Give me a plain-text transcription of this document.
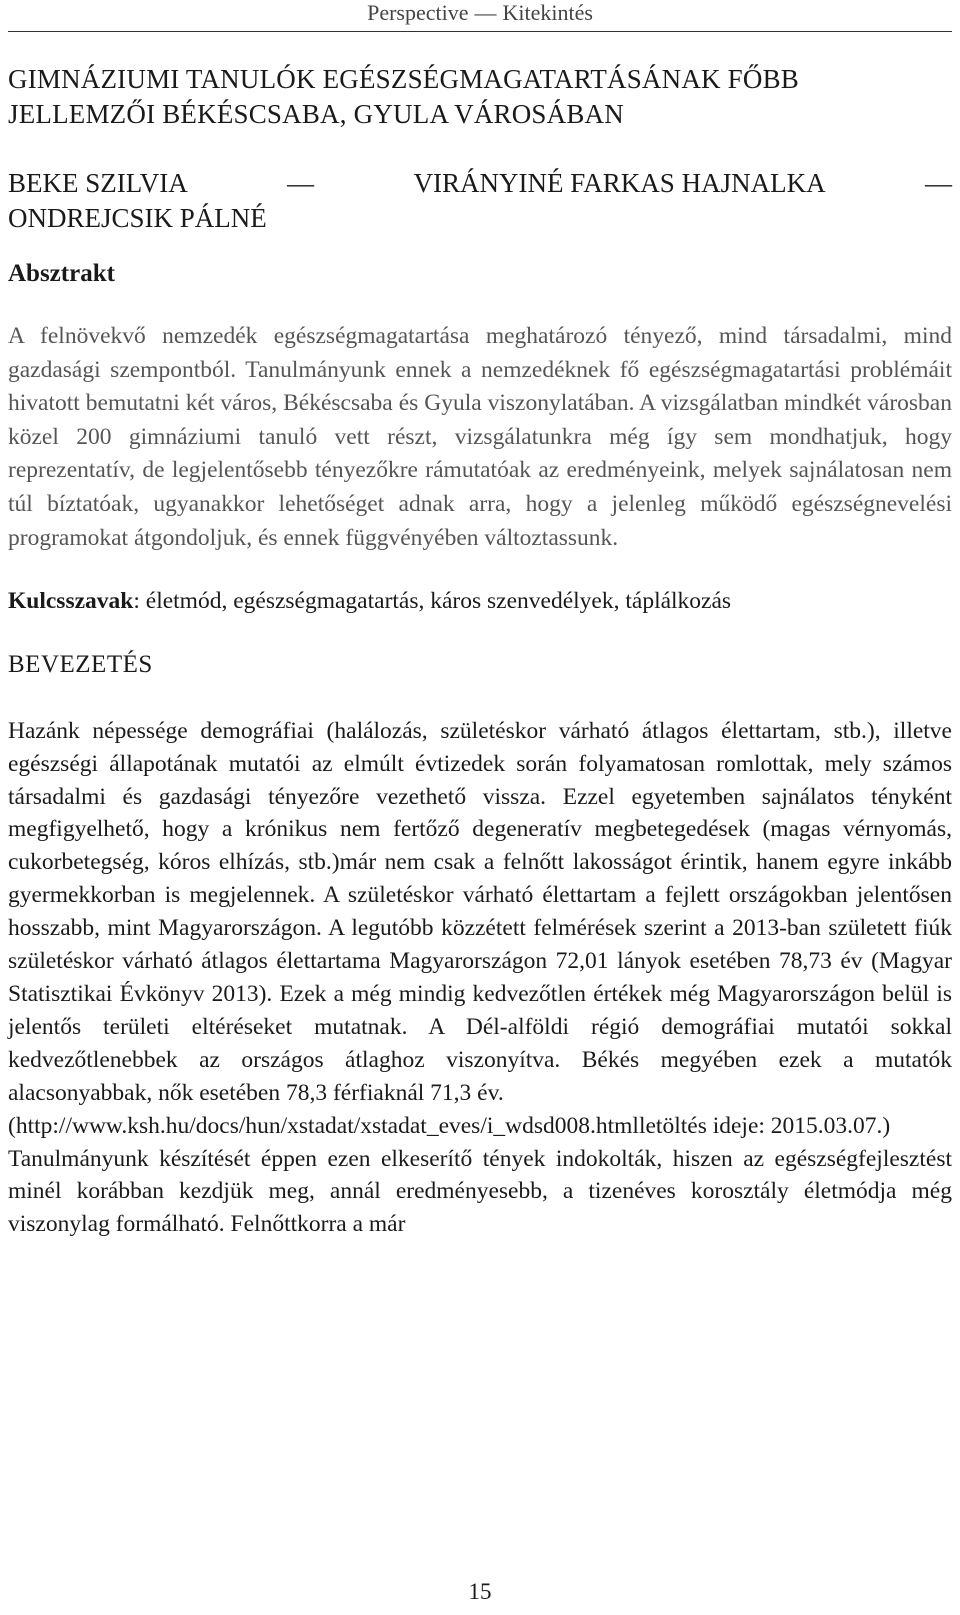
Perspective — Kitekintés
GIMNÁZIUMI TANULÓK EGÉSZSÉGMAGATARTÁSÁNAK FŐBB
JELLEMZŐI BÉKÉSCSABA, GYULA VÁROSÁBAN
BEKE SZILVIA	—	VIRÁNYINÉ FARKAS HAJNALKA	—
ONDREJCSIK PÁLNÉ
Absztrakt

A felnövekvő nemzedék egészségmagatartása meghatározó tényező, mind társadalmi, mind gazdasági szempontból. Tanulmányunk ennek a nemzedéknek fő egészségmagatartási problémáit hivatott bemutatni két város, Békéscsaba és Gyula viszonylatában. A vizsgálatban mindkét városban közel 200 gimnáziumi tanuló vett részt, vizsgálatunkra még így sem mondhatjuk, hogy reprezentatív, de legjelentősebb tényezőkre rámutatóak az eredményeink, melyek sajnálatosan nem túl bíztatóak, ugyanakkor lehetőséget adnak arra, hogy a jelenleg működő egészségnevelési programokat átgondoljuk, és ennek függvényében változtassunk.

Kulcsszavak: életmód, egészségmagatartás, káros szenvedélyek, táplálkozás

BEVEZETÉS

Hazánk népessége demográfiai (halálozás, születéskor várható átlagos élettartam, stb.), illetve egészségi állapotának mutatói az elmúlt évtizedek során folyamatosan romlottak, mely számos társadalmi és gazdasági tényezőre vezethető vissza. Ezzel egyetemben sajnálatos tényként megfigyelhető, hogy a krónikus nem fertőző degeneratív megbetegedések (magas vérnyomás, cukorbetegség, kóros elhízás, stb.)már nem csak a felnőtt lakosságot érintik, hanem egyre inkább gyermekkorban is megjelennek. A születéskor várható élettartam a fejlett országokban jelentősen hosszabb, mint Magyarországon. A legutóbb közzétett felmérések szerint a 2013-ban született fiúk születéskor várható átlagos élettartama Magyarországon 72,01 lányok esetében 78,73 év (Magyar Statisztikai Évkönyv 2013). Ezek a még mindig kedvezőtlen értékek még Magyarországon belül is jelentős területi eltéréseket mutatnak. A Dél-alföldi régió demográfiai mutatói sokkal kedvezőtlenebbek az országos átlaghoz viszonyítva. Békés megyében ezek a mutatók alacsonyabbak, nők esetében 78,3 férfiaknál 71,3 év.

(http://www.ksh.hu/docs/hun/xstadat/xstadat_eves/i_wdsd008.htmlletöltés ideje: 2015.03.07.)

Tanulmányunk készítését éppen ezen elkeserítő tények indokolták, hiszen az egészségfejlesztést minél korábban kezdjük meg, annál eredményesebb, a tizenéves korosztály életmódja még viszonylag formálható. Felnőttkorra a már

15
